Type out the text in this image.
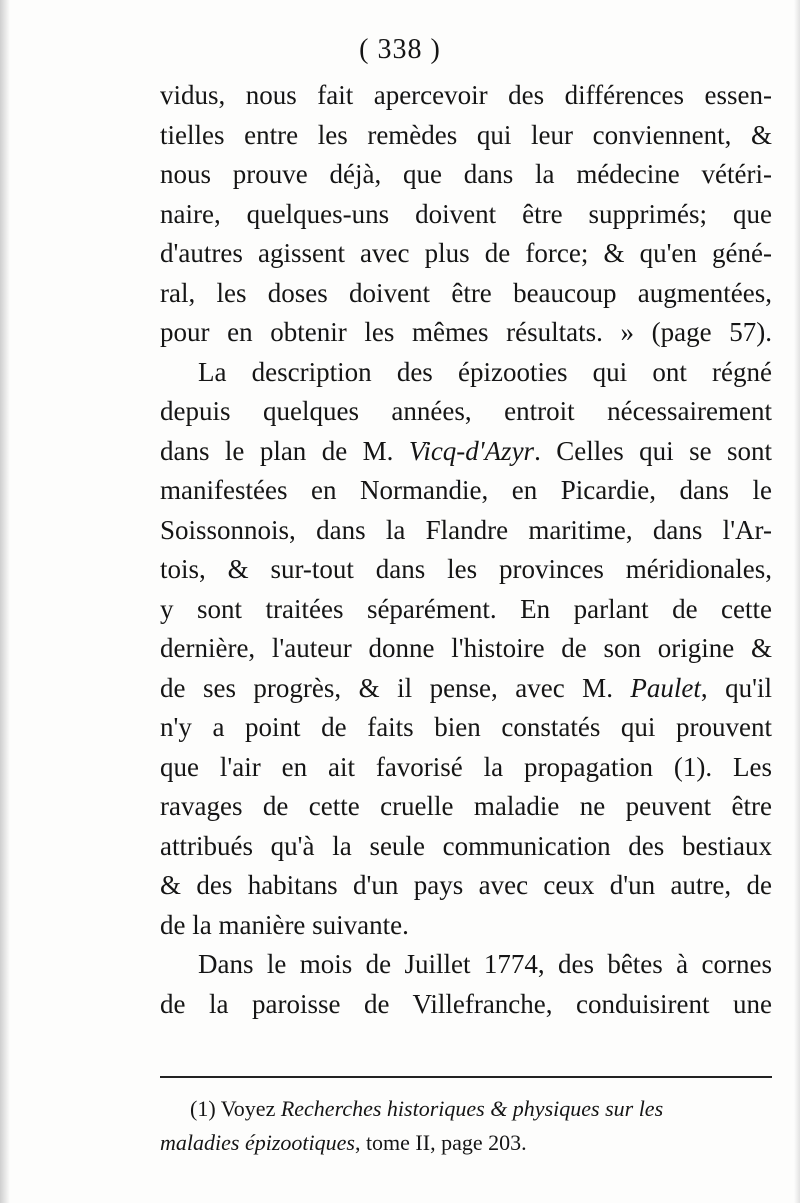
( 338 )
vidus, nous fait apercevoir des différences essen-
tielles entre les remèdes qui leur conviennent, &
nous prouve déjà, que dans la médecine vétéri-
naire, quelques-uns doivent être supprimés; que
d'autres agissent avec plus de force; & qu'en géné-
ral, les doses doivent être beaucoup augmentées,
pour en obtenir les mêmes résultats. » (page 57).
La description des épizooties qui ont régné
depuis quelques années, entroit nécessairement
dans le plan de M. Vicq-d'Azyr. Celles qui se sont
manifestées en Normandie, en Picardie, dans le
Soissonnois, dans la Flandre maritime, dans l'Ar-
tois, & sur-tout dans les provinces méridionales,
y sont traitées séparément. En parlant de cette
dernière, l'auteur donne l'histoire de son origine &
de ses progrès, & il pense, avec M. Paulet, qu'il
n'y a point de faits bien constatés qui prouvent
que l'air en ait favorisé la propagation (1). Les
ravages de cette cruelle maladie ne peuvent être
attribués qu'à la seule communication des bestiaux
& des habitans d'un pays avec ceux d'un autre, de
de la manière suivante.
Dans le mois de Juillet 1774, des bêtes à cornes
de la paroisse de Villefranche, conduisirent une
(1) Voyez Recherches historiques & physiques sur les
maladies épizootiques, tome II, page 203.
